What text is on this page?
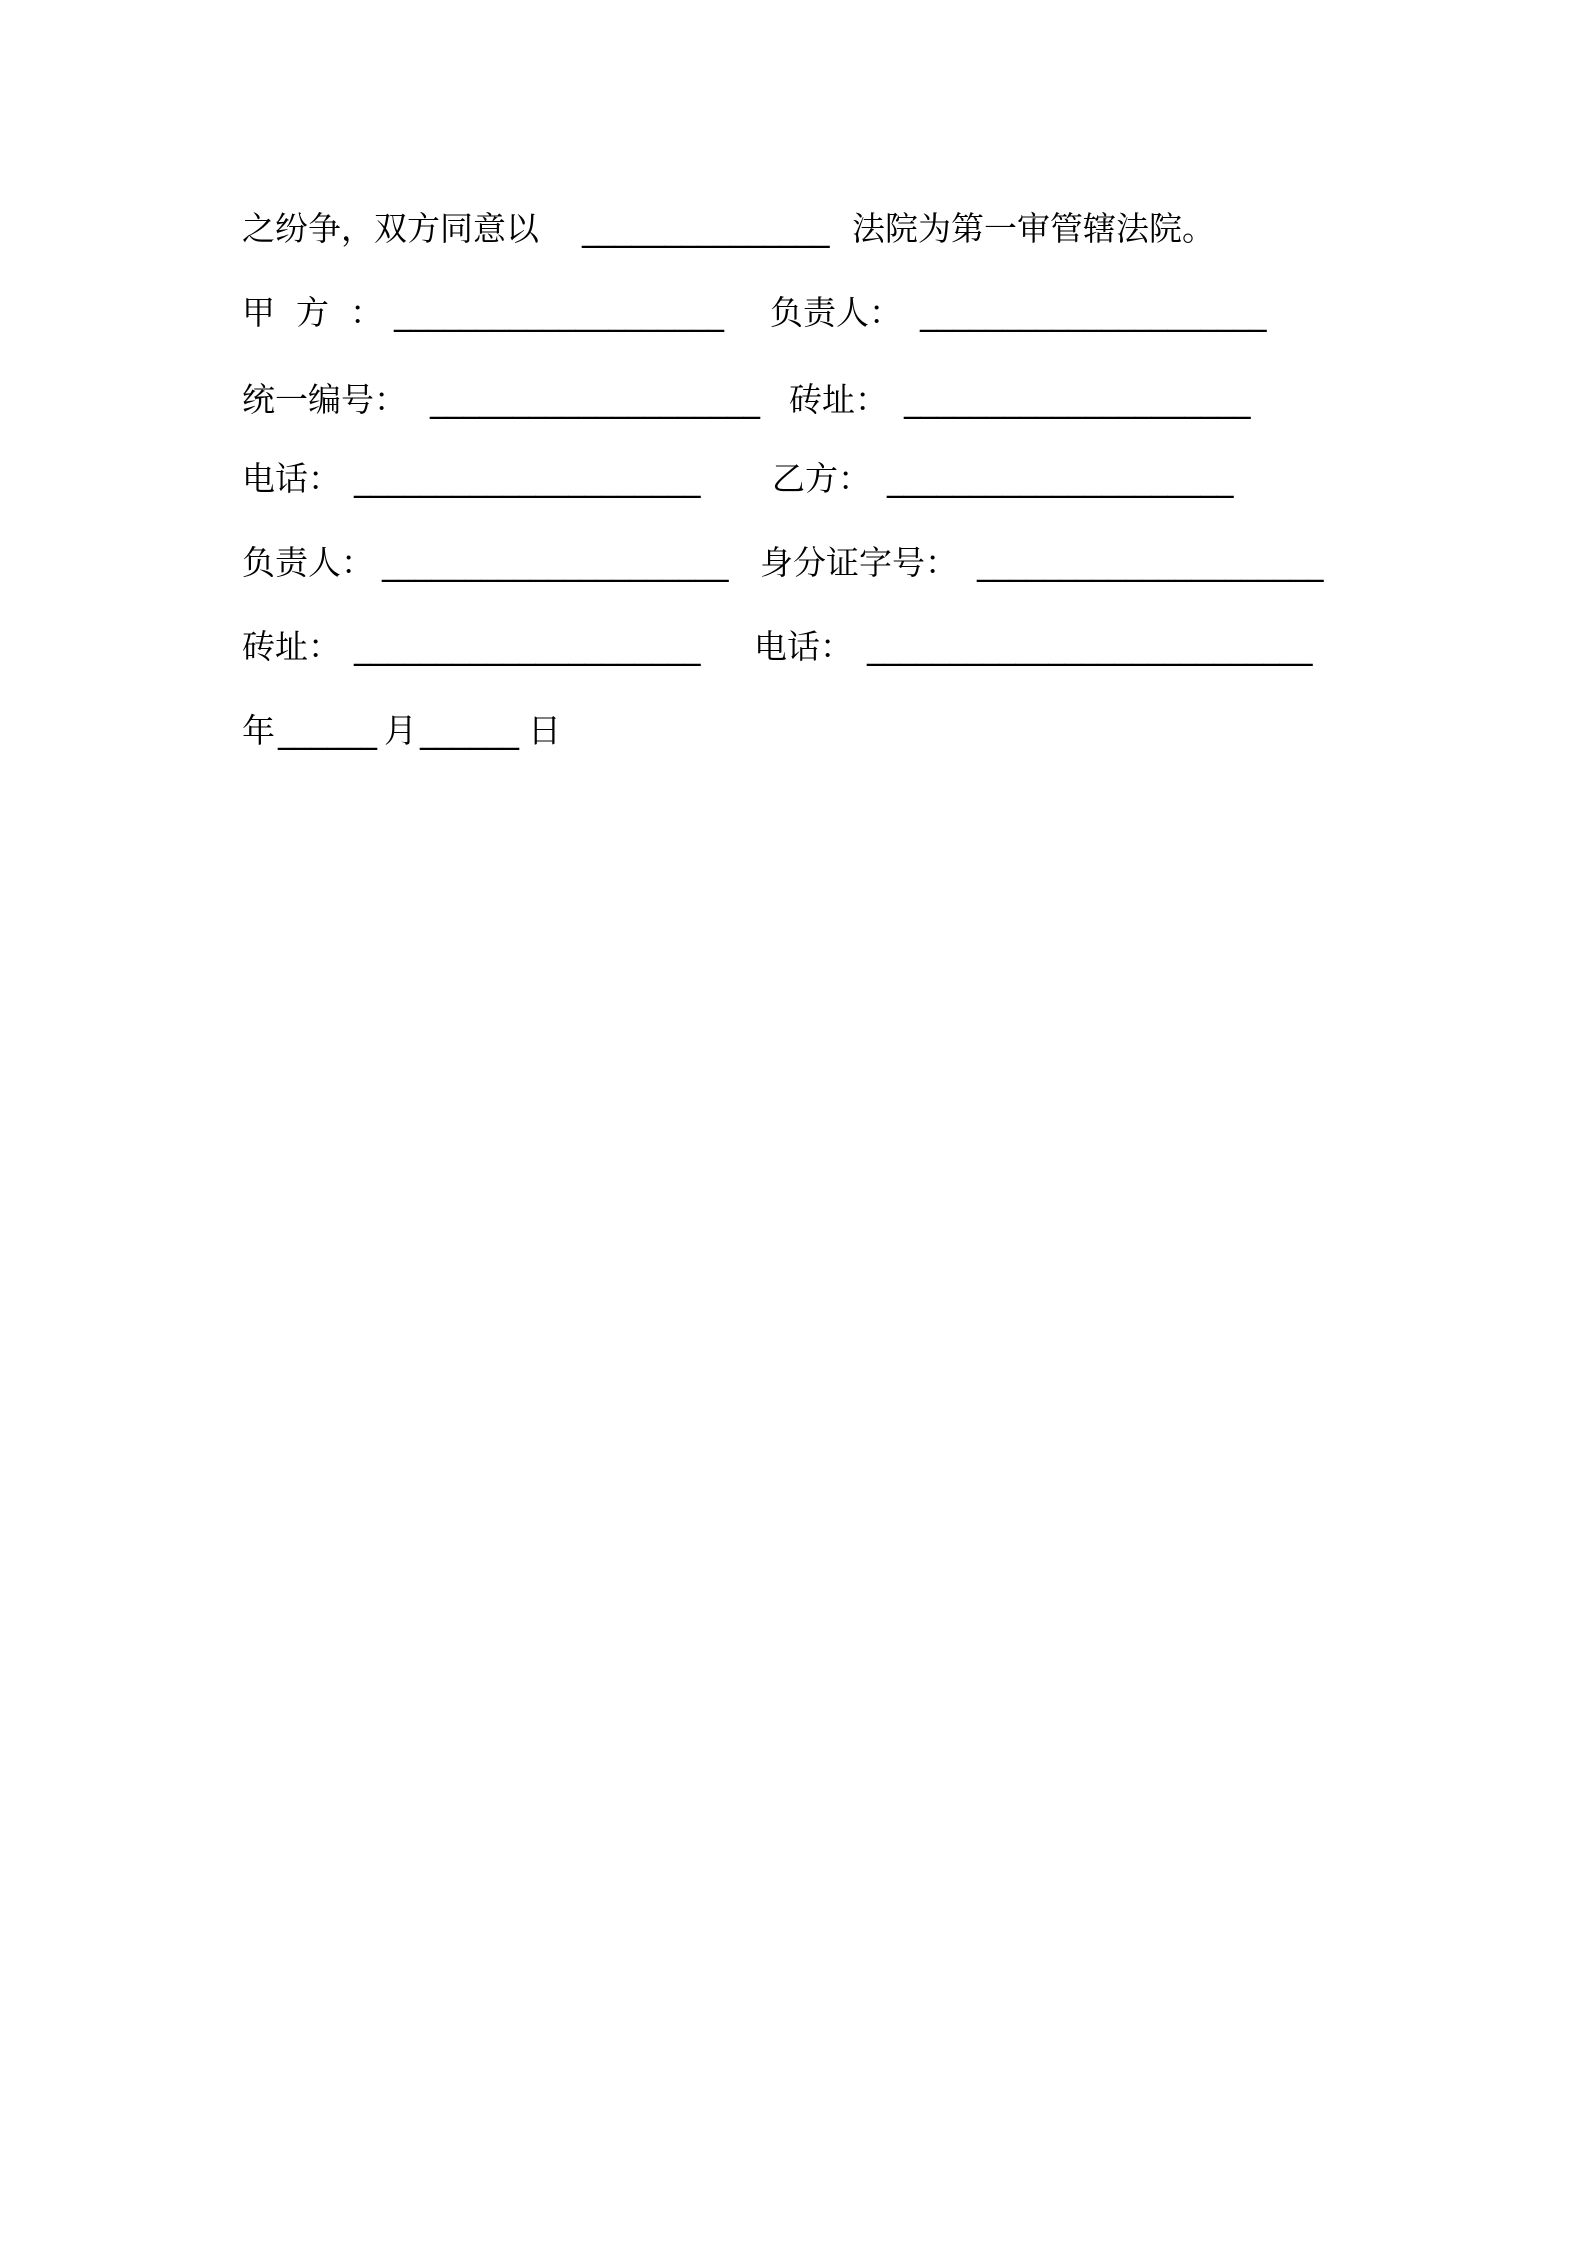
之纷争，双方同意以

_______________

法院为第一审管辖法院。

甲  方  ：

____________________

负责人：

_____________________

统一编号：

____________________

砖址：

_____________________

电话：

_____________________

乙方：

_____________________

负责人：

_____________________

身分证字号：

_____________________

砖址：

_____________________

电话：

___________________________

年

______

月

______

日
